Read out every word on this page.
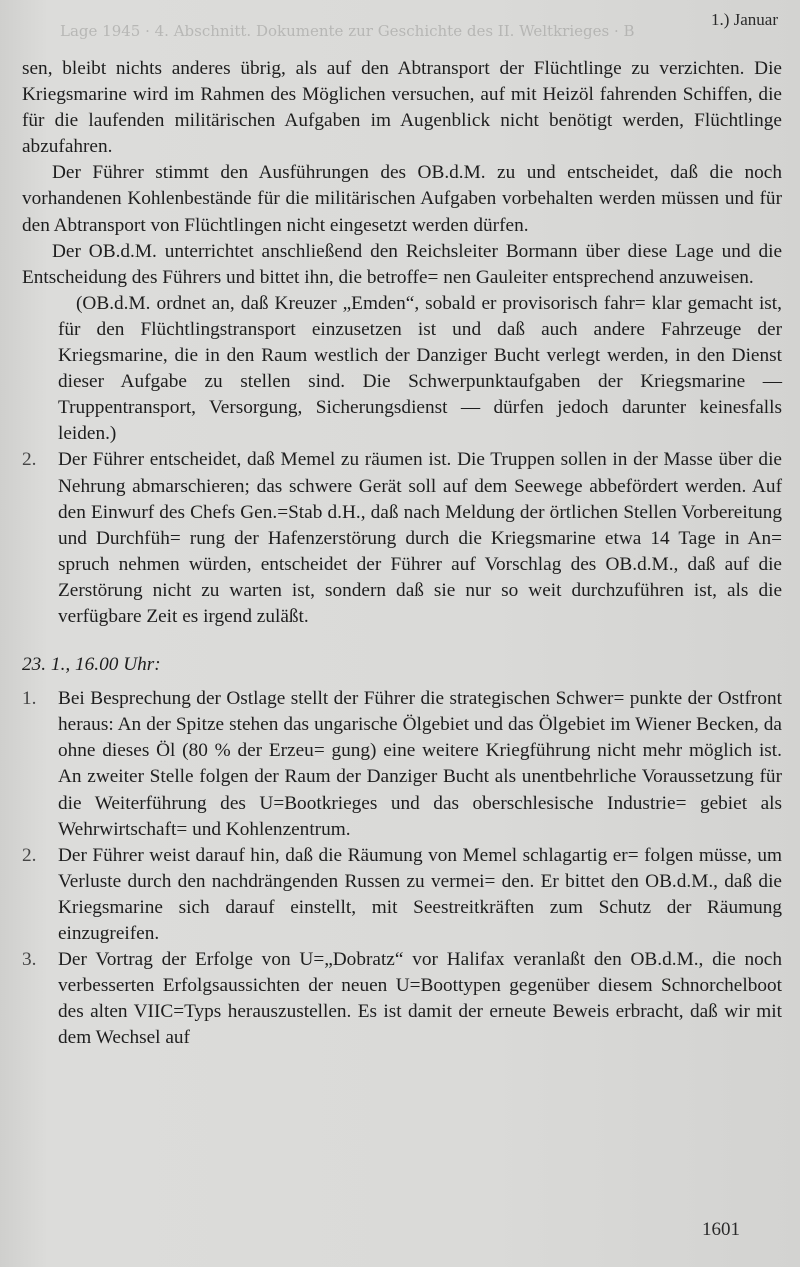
Lage 1945 · 4. Abschnitt. Dokumente zur Geschichte des II. Weltkrieges · B
1.) Januar

sen, bleibt nichts anderes übrig, als auf den Abtransport der Flüchtlinge zu verzichten. Die Kriegsmarine wird im Rahmen des Möglichen versuchen, auf mit Heizöl fahrenden Schiffen, die für die laufenden militärischen Aufgaben im Augenblick nicht benötigt werden, Flüchtlinge abzufahren.

Der Führer stimmt den Ausführungen des OB.d.M. zu und entscheidet, daß die noch vorhandenen Kohlenbestände für die militärischen Aufgaben vorbehalten werden müssen und für den Abtransport von Flüchtlingen nicht eingesetzt werden dürfen.

Der OB.d.M. unterrichtet anschließend den Reichsleiter Bormann über diese Lage und die Entscheidung des Führers und bittet ihn, die betroffe= nen Gauleiter entsprechend anzuweisen.

(OB.d.M. ordnet an, daß Kreuzer „Emden“, sobald er provisorisch fahr= klar gemacht ist, für den Flüchtlingstransport einzusetzen ist und daß auch andere Fahrzeuge der Kriegsmarine, die in den Raum westlich der Danziger Bucht verlegt werden, in den Dienst dieser Aufgabe zu stellen sind. Die Schwerpunktaufgaben der Kriegsmarine — Truppentransport, Versorgung, Sicherungsdienst — dürfen jedoch darunter keinesfalls leiden.)

2.	Der Führer entscheidet, daß Memel zu räumen ist. Die Truppen sollen in der Masse über die Nehrung abmarschieren; das schwere Gerät soll auf dem Seewege abbefördert werden. Auf den Einwurf des Chefs Gen.=Stab d.H., daß nach Meldung der örtlichen Stellen Vorbereitung und Durchfüh= rung der Hafenzerstörung durch die Kriegsmarine etwa 14 Tage in An= spruch nehmen würden, entscheidet der Führer auf Vorschlag des OB.d.M., daß auf die Zerstörung nicht zu warten ist, sondern daß sie nur so weit durchzuführen ist, als die verfügbare Zeit es irgend zuläßt.
23. 1., 16.00 Uhr:
1.	Bei Besprechung der Ostlage stellt der Führer die strategischen Schwer= punkte der Ostfront heraus: An der Spitze stehen das ungarische Ölgebiet und das Ölgebiet im Wiener Becken, da ohne dieses Öl (80 % der Erzeu= gung) eine weitere Kriegführung nicht mehr möglich ist. An zweiter Stelle folgen der Raum der Danziger Bucht als unentbehrliche Voraussetzung für die Weiterführung des U=Bootkrieges und das oberschlesische Industrie= gebiet als Wehrwirtschaft= und Kohlenzentrum.
2.	Der Führer weist darauf hin, daß die Räumung von Memel schlagartig er= folgen müsse, um Verluste durch den nachdrängenden Russen zu vermei= den. Er bittet den OB.d.M., daß die Kriegsmarine sich darauf einstellt, mit Seestreitkräften zum Schutz der Räumung einzugreifen.
3.	Der Vortrag der Erfolge von U=„Dobratz“ vor Halifax veranlaßt den OB.d.M., die noch verbesserten Erfolgsaussichten der neuen U=Boottypen gegenüber diesem Schnorchelboot des alten VIIC=Typs herauszustellen. Es ist damit der erneute Beweis erbracht, daß wir mit dem Wechsel auf
1601
